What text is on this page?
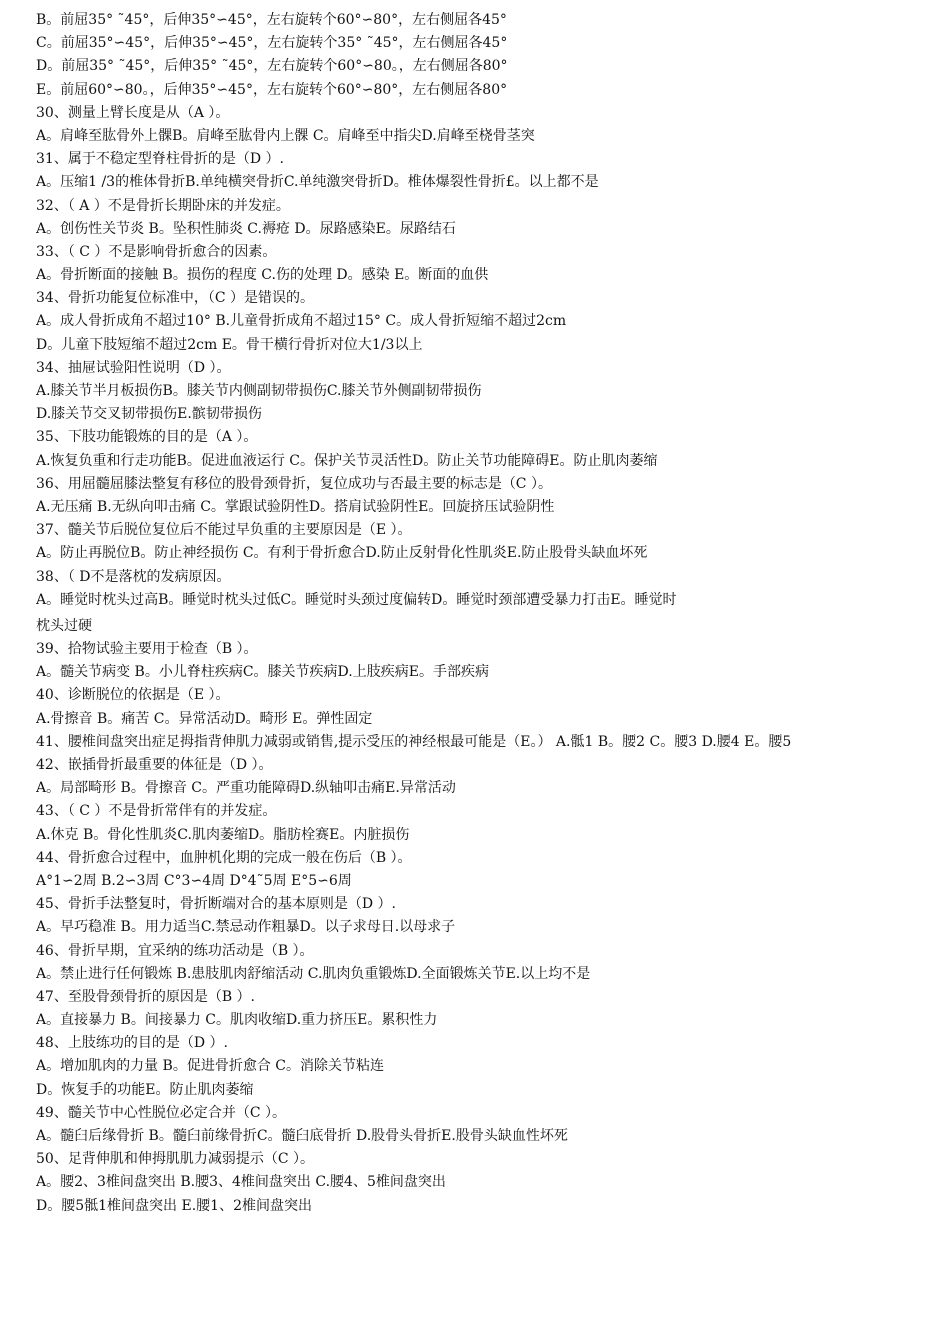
B。前屈35° ˜45°，后伸35°∽45°，左右旋转个60°∽80°，左右侧屈各45°
C。前屈35°∽45°，后伸35°∽45°，左右旋转个35° ˜45°，左右侧屈各45°
D。前屈35° ˜45°，后伸35° ˜45°，左右旋转个60°∽80。，左右侧屈各80°
E。前屈60°∽80。，后伸35°∽45°，左右旋转个60°∽80°，左右侧屈各80°
30、测量上臂长度是从（A ）。
A。肩峰至肱骨外上髁B。肩峰至肱骨内上髁 C。肩峰至中指尖D.肩峰至桡骨茎突
31、属于不稳定型脊柱骨折的是（D ）.
A。压缩1 /3的椎体骨折B.单纯横突骨折C.单纯激突骨折D。椎体爆裂性骨折£。以上都不是
32、（ A ）不是骨折长期卧床的并发症。
A。创伤性关节炎 B。坠积性肺炎 C.褥疮 D。尿路感染E。尿路结石
33、（ C ）不是影响骨折愈合的因素。
A。骨折断面的接触 B。损伤的程度 C.伤的处理 D。感染 E。断面的血供
34、骨折功能复位标准中，（C ）是错误的。
A。成人骨折成角不超过10° B.儿童骨折成角不超过15° C。成人骨折短缩不超过2cm
D。儿童下肢短缩不超过2cm E。骨干横行骨折对位大1/3以上
34、抽屉试验阳性说明（D ）。
A.膝关节半月板损伤B。膝关节内侧副韧带损伤C.膝关节外侧副韧带损伤
D.膝关节交叉韧带损伤E.髌韧带损伤
35、下肢功能锻炼的目的是（A ）。
A.恢复负重和行走功能B。促进血液运行 C。保护关节灵活性D。防止关节功能障碍E。防止肌肉萎缩
36、用屈髓屈膝法整复有移位的股骨颈骨折，复位成功与否最主要的标志是（C ）。
A.无压痛 B.无纵向叩击痛 C。掌跟试验阴性D。搭肩试验阴性E。回旋挤压试验阴性
37、髓关节后脱位复位后不能过早负重的主要原因是（E ）。
A。防止再脱位B。防止神经损伤 C。有利于骨折愈合D.防止反射骨化性肌炎E.防止股骨头缺血坏死
38、（ D不是落枕的发病原因。
A。睡觉时枕头过高B。睡觉时枕头过低C。睡觉时头颈过度偏转D。睡觉时颈部遭受暴力打击E。睡觉时
枕头过硬
39、拾物试验主要用于检查（B ）。
A。髓关节病变 B。小儿脊柱疾病C。膝关节疾病D.上肢疾病E。手部疾病
40、诊断脱位的依据是（E ）。
A.骨擦音 B。痛苦 C。异常活动D。畸形 E。弹性固定
41、腰椎间盘突出症足拇指背伸肌力减弱或销售,提示受压的神经根最可能是（E。） A.骶1 B。腰2 C。腰3 D.腰4 E。腰5
42、嵌插骨折最重要的体征是（D ）。
A。局部畸形 B。骨擦音 C。严重功能障碍D.纵轴叩击痛E.异常活动
43、（ C ）不是骨折常伴有的并发症。
A.休克 B。骨化性肌炎C.肌肉萎缩D。脂肪栓赛E。内脏损伤
44、骨折愈合过程中，血肿机化期的完成一般在伤后（B ）。
A°1∽2周 B.2∽3周 C°3∽4周 D°4˜5周 E°5∽6周
45、骨折手法整复时，骨折断端对合的基本原则是（D ）.
A。早巧稳准 B。用力适当C.禁忌动作粗暴D。以子求母日.以母求子
46、骨折早期，宜采纳的练功活动是（B ）。
A。禁止进行任何锻炼 B.患肢肌肉舒缩活动 C.肌肉负重锻炼D.全面锻炼关节E.以上均不是
47、至股骨颈骨折的原因是（B ）.
A。直接暴力 B。间接暴力 C。肌肉收缩D.重力挤压E。累积性力
48、上肢练功的目的是（D ）.
A。增加肌肉的力量 B。促进骨折愈合 C。消除关节粘连
D。恢复手的功能E。防止肌肉萎缩
49、髓关节中心性脱位必定合并（C ）。
A。髓臼后缘骨折 B。髓臼前缘骨折C。髓臼底骨折 D.股骨头骨折E.股骨头缺血性坏死
50、足背伸肌和伸拇肌肌力减弱提示（C ）。
A。腰2、3椎间盘突出 B.腰3、4椎间盘突出 C.腰4、5椎间盘突出
D。腰5骶1椎间盘突出 E.腰1、2椎间盘突出
